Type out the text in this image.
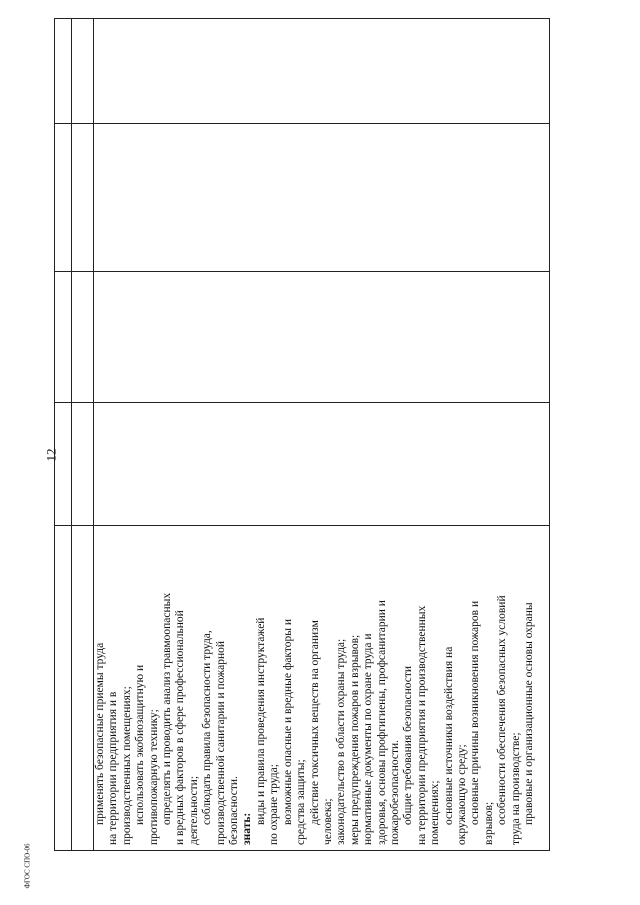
12
применять безопасные приемы труда на территории предприятия и в производственных помещениях; использовать экобиозащитную и противопожарную технику; определять и проводить анализ травмоопасных и вредных факторов в сфере профессиональной деятельности; соблюдать правила безопасности труда, производственной санитарии и пожарной безопасности. знать:
виды и правила проведения инструктажей по охране труда; возможные опасные и вредные факторы и средства защиты; действие токсичных веществ на организм человека; законодательство в области охраны труда; меры предупреждения пожаров и взрывов; нормативные документы по охране труда и здоровья, основы профгигиены, профсанитарии и пожаробезопасности. общие требования безопасности на территории предприятия и производственных помещениях; основные источники воздействия на окружающую среду; основные причины возникновения пожаров и взрывов; особенности обеспечения безопасных условий труда на производстве; правовые и организационные основы охраны
ФГОС СПО-06
